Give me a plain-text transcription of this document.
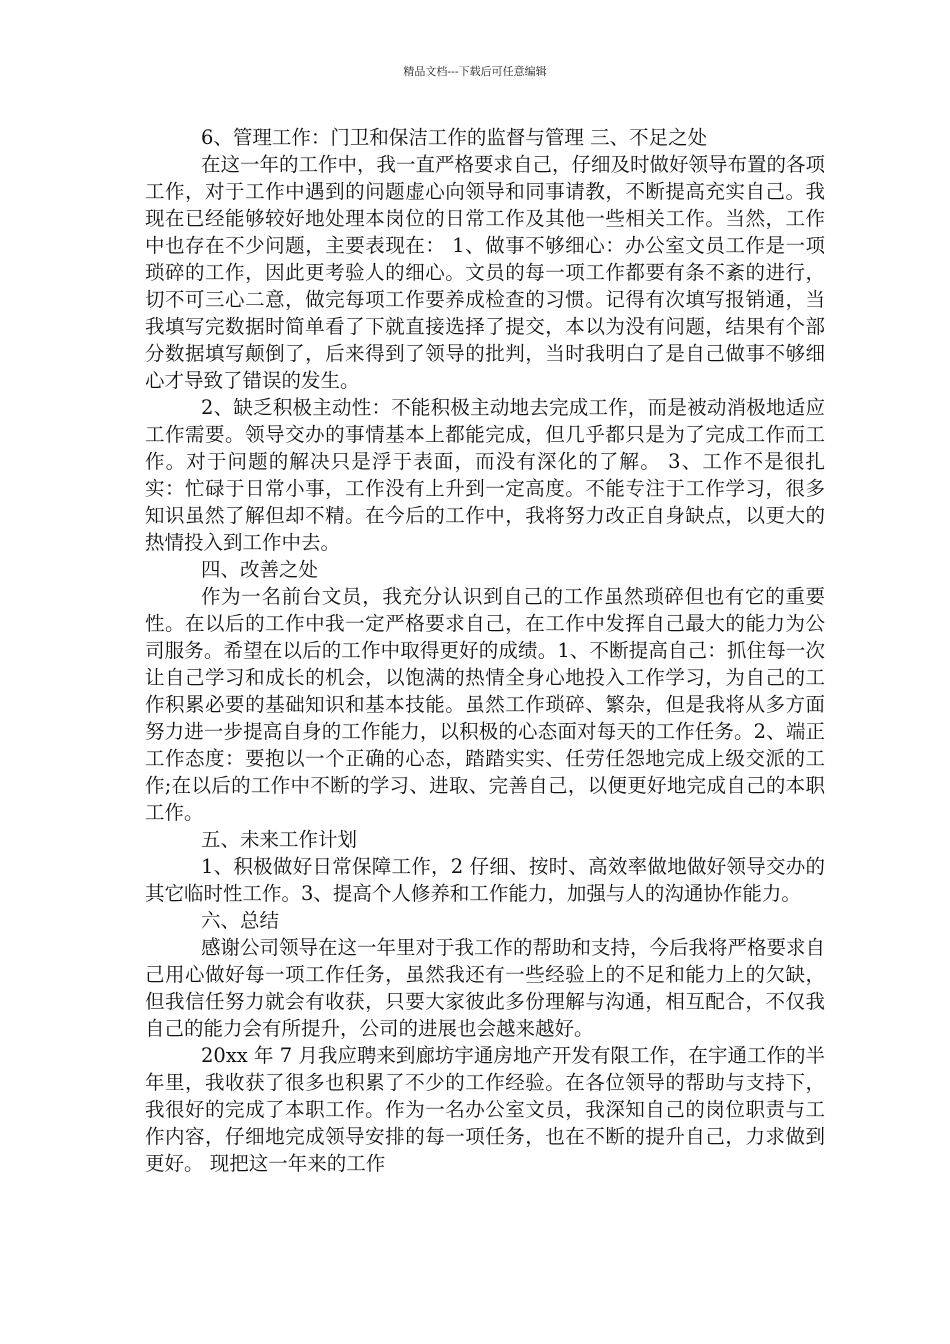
精品文档---下载后可任意编辑

6、管理工作：门卫和保洁工作的监督与管理 三、不足之处

在这一年的工作中，我一直严格要求自己，仔细及时做好领导布置的各项工作，对于工作中遇到的问题虚心向领导和同事请教，不断提高充实自己。我现在已经能够较好地处理本岗位的日常工作及其他一些相关工作。当然，工作中也存在不少问题，主要表现在： 1、做事不够细心：办公室文员工作是一项琐碎的工作，因此更考验人的细心。文员的每一项工作都要有条不紊的进行，切不可三心二意，做完每项工作要养成检查的习惯。记得有次填写报销通，当我填写完数据时简单看了下就直接选择了提交，本以为没有问题，结果有个部分数据填写颠倒了，后来得到了领导的批判，当时我明白了是自己做事不够细心才导致了错误的发生。

2、缺乏积极主动性：不能积极主动地去完成工作，而是被动消极地适应工作需要。领导交办的事情基本上都能完成，但几乎都只是为了完成工作而工作。对于问题的解决只是浮于表面，而没有深化的了解。 3、工作不是很扎实：忙碌于日常小事，工作没有上升到一定高度。不能专注于工作学习，很多知识虽然了解但却不精。在今后的工作中，我将努力改正自身缺点，以更大的热情投入到工作中去。

四、改善之处

作为一名前台文员，我充分认识到自己的工作虽然琐碎但也有它的重要性。在以后的工作中我一定严格要求自己，在工作中发挥自己最大的能力为公司服务。希望在以后的工作中取得更好的成绩。1、不断提高自己：抓住每一次让自己学习和成长的机会，以饱满的热情全身心地投入工作学习，为自己的工作积累必要的基础知识和基本技能。虽然工作琐碎、繁杂，但是我将从多方面努力进一步提高自身的工作能力，以积极的心态面对每天的工作任务。2、端正工作态度：要抱以一个正确的心态，踏踏实实、任劳任怨地完成上级交派的工作;在以后的工作中不断的学习、进取、完善自己，以便更好地完成自己的本职工作。

五、未来工作计划

1、积极做好日常保障工作，2 仔细、按时、高效率做地做好领导交办的其它临时性工作。3、提高个人修养和工作能力，加强与人的沟通协作能力。

六、总结

感谢公司领导在这一年里对于我工作的帮助和支持，今后我将严格要求自己用心做好每一项工作任务，虽然我还有一些经验上的不足和能力上的欠缺，但我信任努力就会有收获，只要大家彼此多份理解与沟通，相互配合，不仅我自己的能力会有所提升，公司的进展也会越来越好。

20xx 年 7 月我应聘来到廊坊宇通房地产开发有限工作，在宇通工作的半年里，我收获了很多也积累了不少的工作经验。在各位领导的帮助与支持下，我很好的完成了本职工作。作为一名办公室文员，我深知自己的岗位职责与工作内容，仔细地完成领导安排的每一项任务，也在不断的提升自己，力求做到更好。 现把这一年来的工作
